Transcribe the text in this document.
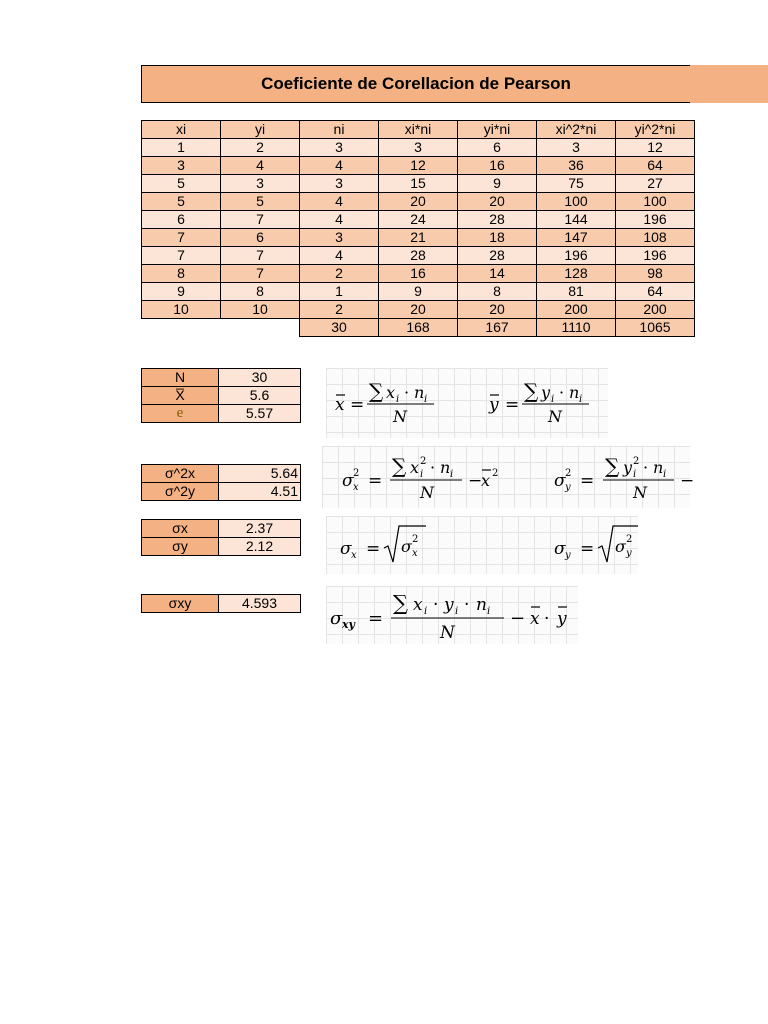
Coeficiente de Corellacion de Pearson
xi	yi	ni	xi*ni	yi*ni	xi^2*ni	yi^2*ni
1	2	3	3	6	3	12
3	4	4	12	16	36	64
5	3	3	15	9	75	27
5	5	4	20	20	100	100
6	7	4	24	28	144	196
7	6	3	21	18	147	108
7	7	4	28	28	196	196
8	7	2	16	14	128	98
9	8	1	9	8	81	64
10	10	2	20	20	200	200
		30	168	167	1110	1065
N	30
X̅	5.6
e	5.57
σ^2x	5.64
σ^2y	4.51
σx	2.37
σy	2.12
σxy	4.593
x =
∑ x i · n i
N
y =
∑ y i · n i
N
σ x
2 =
∑ x 2
i · n i
N
−
x 2	σ y
2 =
∑ y 2
i · n i
N
−
σ x = σ 2
x	σ y = σ 2
y
σ xy =
∑ x i · y i · n i
N
− x · y
